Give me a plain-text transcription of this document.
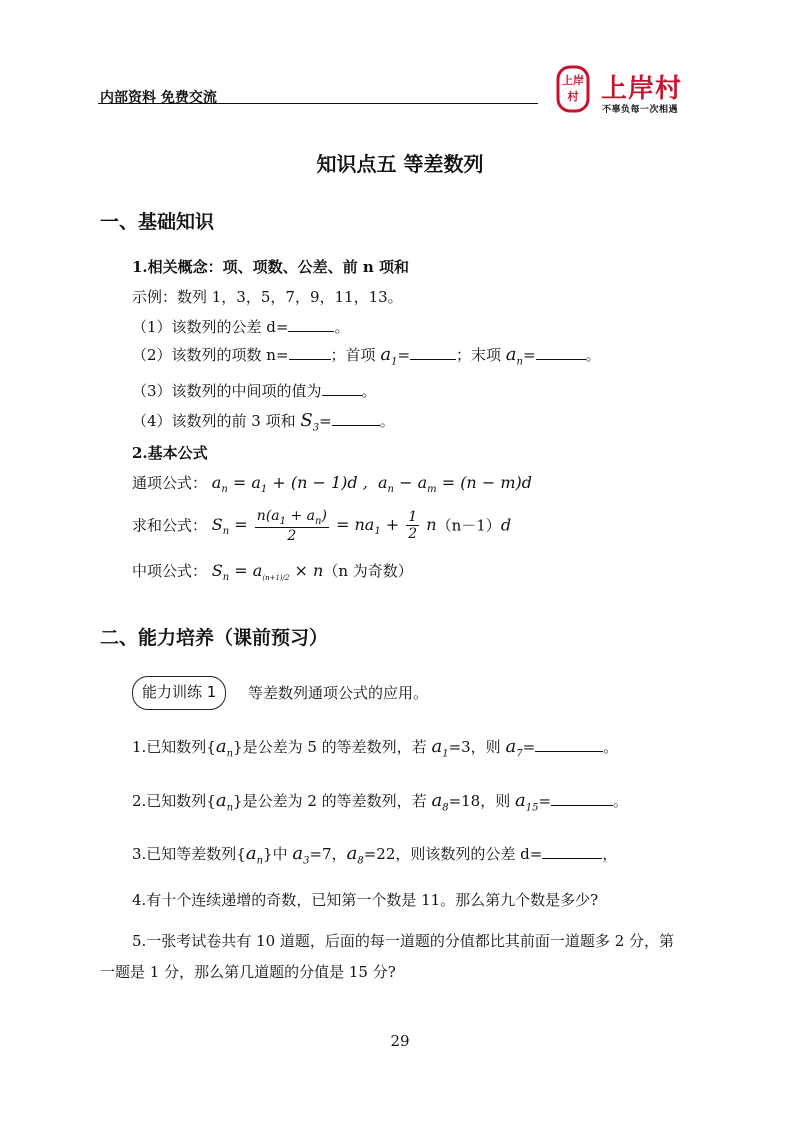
内部资料 免费交流
上岸
村 上岸村
不辜负每一次相遇
知识点五 等差数列
一、基础知识
1.相关概念：项、项数、公差、前 n 项和
示例：数列 1，3，5，7，9，11，13。
（1）该数列的公差 d=	。
（2）该数列的项数 n=	；首项 $a_1=$	；末项 $a_n=$	。
（3）该数列的中间项的值为	。
（4）该数列的前 3 项和 $S_3=$	。
2.基本公式
通项公式： $a_n = a_1 + (n - 1)d$ ,  $a_n - a_m = (n - m)d$
求和公式： $S_n = \frac{n(a_1 + a_n)}{2} = na_1 + \frac{1}{2} n(n-1)d$
中项公式： $S_n = a_{(n+1)/2} \times n(n$ 为奇数）
二、能力培养（课前预习）
能力训练 1	等差数列通项公式的应用。
1.已知数列$\{a_n\}$是公差为 5 的等差数列，若 $a_1=3$，则 $a_7=$	。
2.已知数列$\{a_n\}$是公差为 2 的等差数列，若 $a_8=18$，则 $a_{15}=$	。
3.已知等差数列$\{a_n\}$中 $a_3=7$，$a_8=22$，则该数列的公差 d=	，
4.有十个连续递增的奇数，已知第一个数是 11。那么第九个数是多少?
5.一张考试卷共有 10 道题，后面的每一道题的分值都比其前面一道题多 2 分，第
一题是 1 分，那么第几道题的分值是 15 分?
29
